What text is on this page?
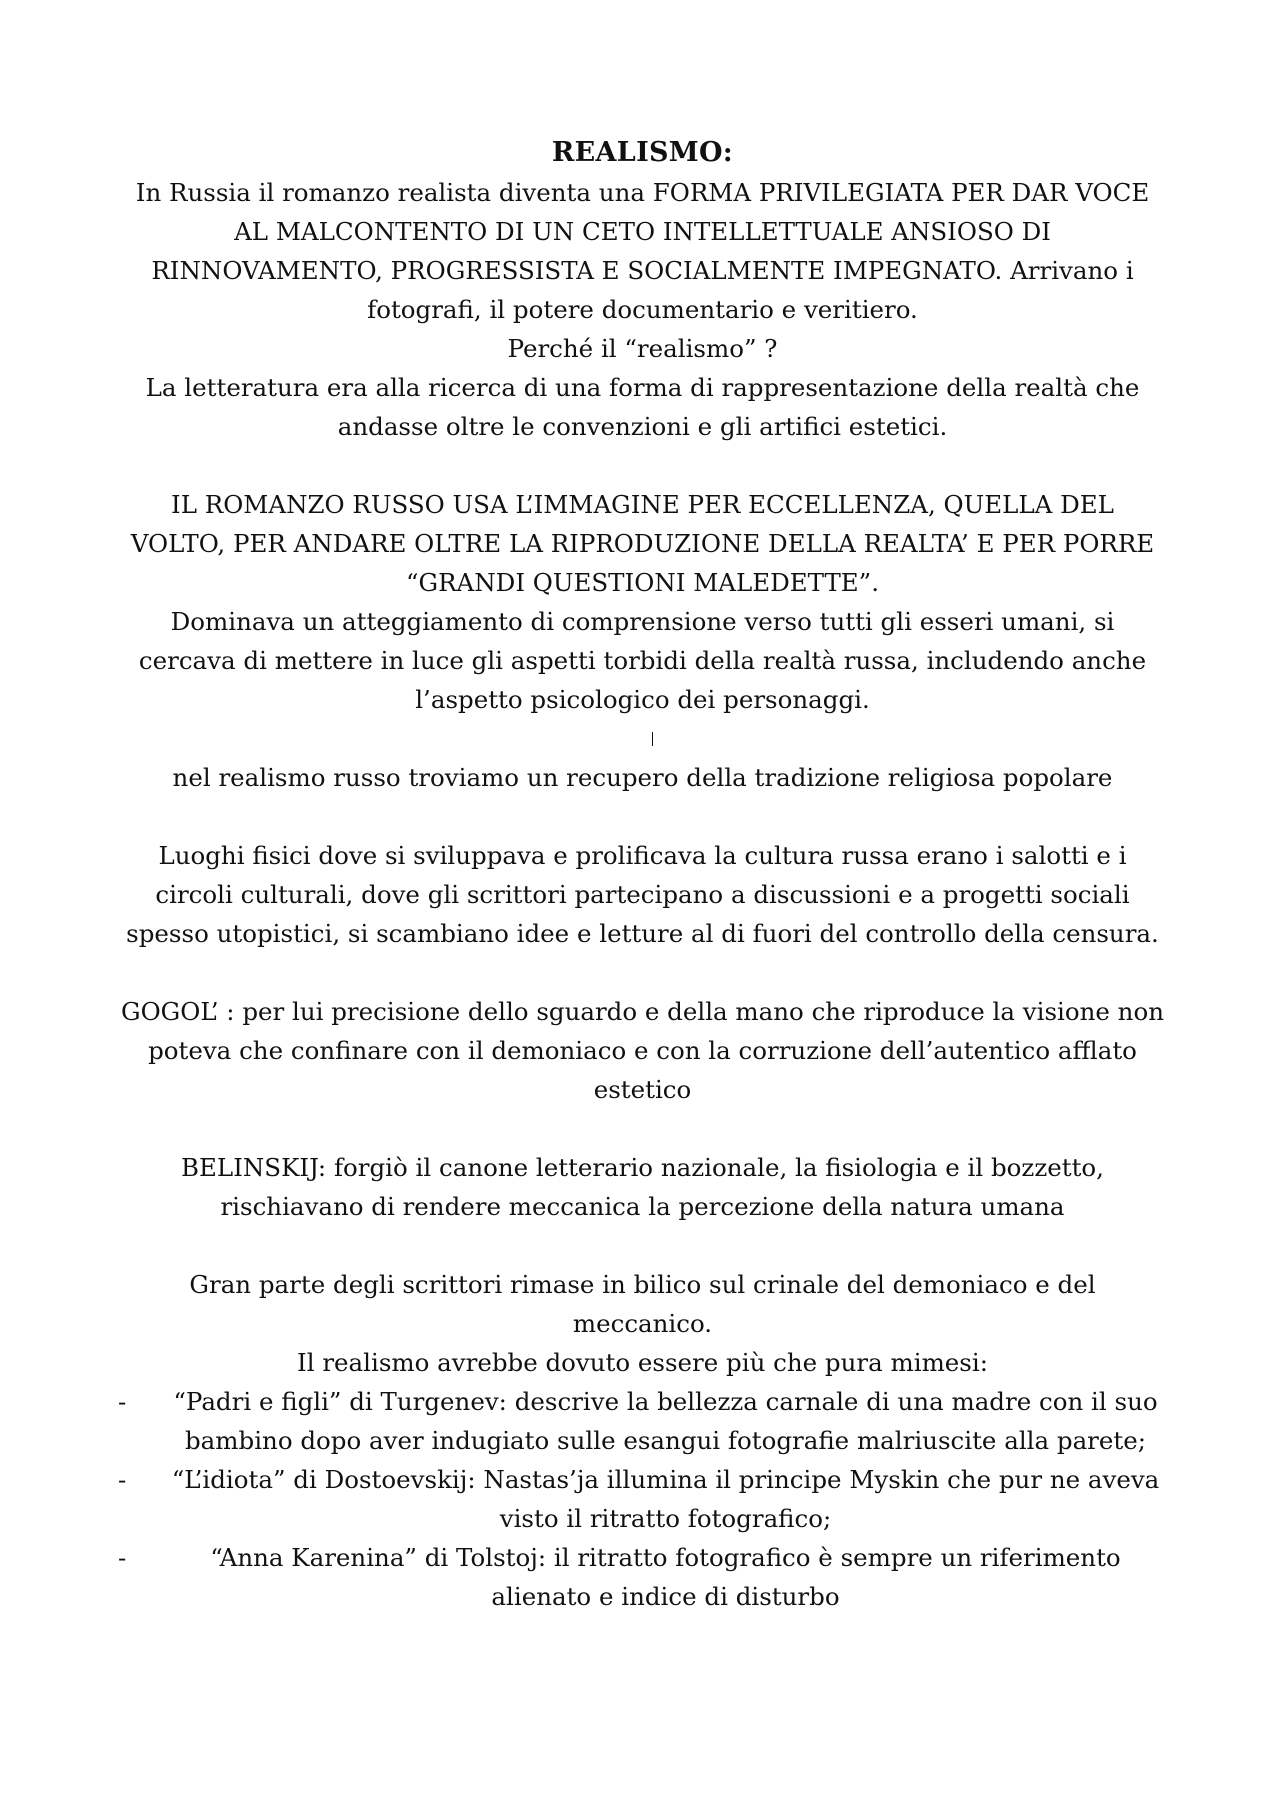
REALISMO:

In Russia il romanzo realista diventa una FORMA PRIVILEGIATA PER DAR VOCE AL MALCONTENTO DI UN CETO INTELLETTUALE ANSIOSO DI RINNOVAMENTO, PROGRESSISTA E SOCIALMENTE IMPEGNATO. Arrivano i fotografi, il potere documentario e veritiero.

Perché il “realismo” ?

La letteratura era alla ricerca di una forma di rappresentazione della realtà che andasse oltre le convenzioni e gli artifici estetici.

IL ROMANZO RUSSO USA L’IMMAGINE PER ECCELLENZA, QUELLA DEL VOLTO, PER ANDARE OLTRE LA RIPRODUZIONE DELLA REALTA’ E PER PORRE “GRANDI QUESTIONI MALEDETTE”.

Dominava un atteggiamento di comprensione verso tutti gli esseri umani, si cercava di mettere in luce gli aspetti torbidi della realtà russa, includendo anche l’aspetto psicologico dei personaggi.

nel realismo russo troviamo un recupero della tradizione religiosa popolare

Luoghi fisici dove si sviluppava e prolificava la cultura russa erano i salotti e i circoli culturali, dove gli scrittori partecipano a discussioni e a progetti sociali spesso utopistici, si scambiano idee e letture al di fuori del controllo della censura.

GOGOL’ : per lui precisione dello sguardo e della mano che riproduce la visione non poteva che confinare con il demoniaco e con la corruzione dell’autentico afflato estetico

BELINSKIJ: forgiò il canone letterario nazionale, la fisiologia e il bozzetto, rischiavano di rendere meccanica la percezione della natura umana

Gran parte degli scrittori rimase in bilico sul crinale del demoniaco e del meccanico.

Il realismo avrebbe dovuto essere più che pura mimesi:

-	“Padri e figli” di Turgenev: descrive la bellezza carnale di una madre con il suo bambino dopo aver indugiato sulle esangui fotografie malriuscite alla parete;
-	“L’idiota” di Dostoevskij: Nastas’ja illumina il principe Myskin che pur ne aveva visto il ritratto fotografico;
-	“Anna Karenina” di Tolstoj: il ritratto fotografico è sempre un riferimento alienato e indice di disturbo
